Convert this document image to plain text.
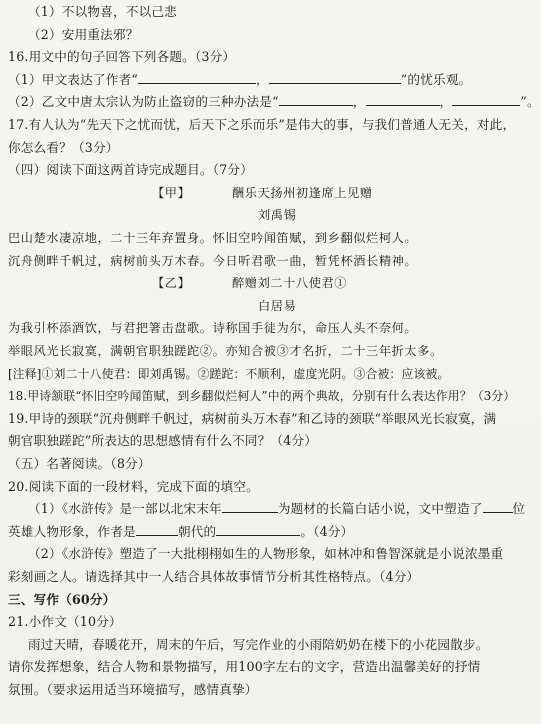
（1）不以物喜，不以己悲
（2）安用重法邪？
16.用文中的句子回答下列各题。（3分）
（1）甲文表达了作者“	，	”的忧乐观。
（2）乙文中唐太宗认为防止盗窃的三种办法是“	，	，	”。
17.有人认为“先天下之忧而忧，后天下之乐而乐”是伟大的事，与我们普通人无关，对此，
你怎么看？（3分）
（四）阅读下面这两首诗完成题目。（7分）
【甲】	酬乐天扬州初逢席上见赠
刘禹锡
巴山楚水凄凉地，二十三年弃置身。怀旧空吟闻笛赋，到乡翻似烂柯人。
沉舟侧畔千帆过，病树前头万木春。今日听君歌一曲，暂凭杯酒长精神。
【乙】	醉赠刘二十八使君①
白居易
为我引杯添酒饮，与君把箸击盘歌。诗称国手徒为尔，命压人头不奈何。
举眼风光长寂寞，满朝官职独蹉跎②。亦知合被③才名折，二十三年折太多。
[注释]①刘二十八使君：即刘禹锡。②蹉跎：不顺利，虚度光阴。③合被：应该被。
18.甲诗颔联“怀旧空吟闻笛赋，到乡翻似烂柯人”中的两个典故，分别有什么表达作用？（3分）
19.甲诗的颈联“沉舟侧畔千帆过，病树前头万木春”和乙诗的颈联“举眼风光长寂寞，满
朝官职独蹉跎”所表达的思想感情有什么不同？（4分）
（五）名著阅读。（8分）
20.阅读下面的一段材料，完成下面的填空。
（1）《水浒传》是一部以北宋末年	为题材的长篇白话小说，文中塑造了 位
英雄人物形象，作者是	朝代的	。（4分）
（2）《水浒传》塑造了一大批栩栩如生的人物形象，如林冲和鲁智深就是小说浓墨重
彩刻画之人。请选择其中一人结合具体故事情节分析其性格特点。（4分）
三、写作（60分）
21.小作文（10分）
雨过天晴，春暖花开，周末的午后，写完作业的小雨陪奶奶在楼下的小花园散步。
请你发挥想象，结合人物和景物描写，用100字左右的文字，营造出温馨美好的抒情
氛围。（要求运用适当环境描写，感情真挚）
